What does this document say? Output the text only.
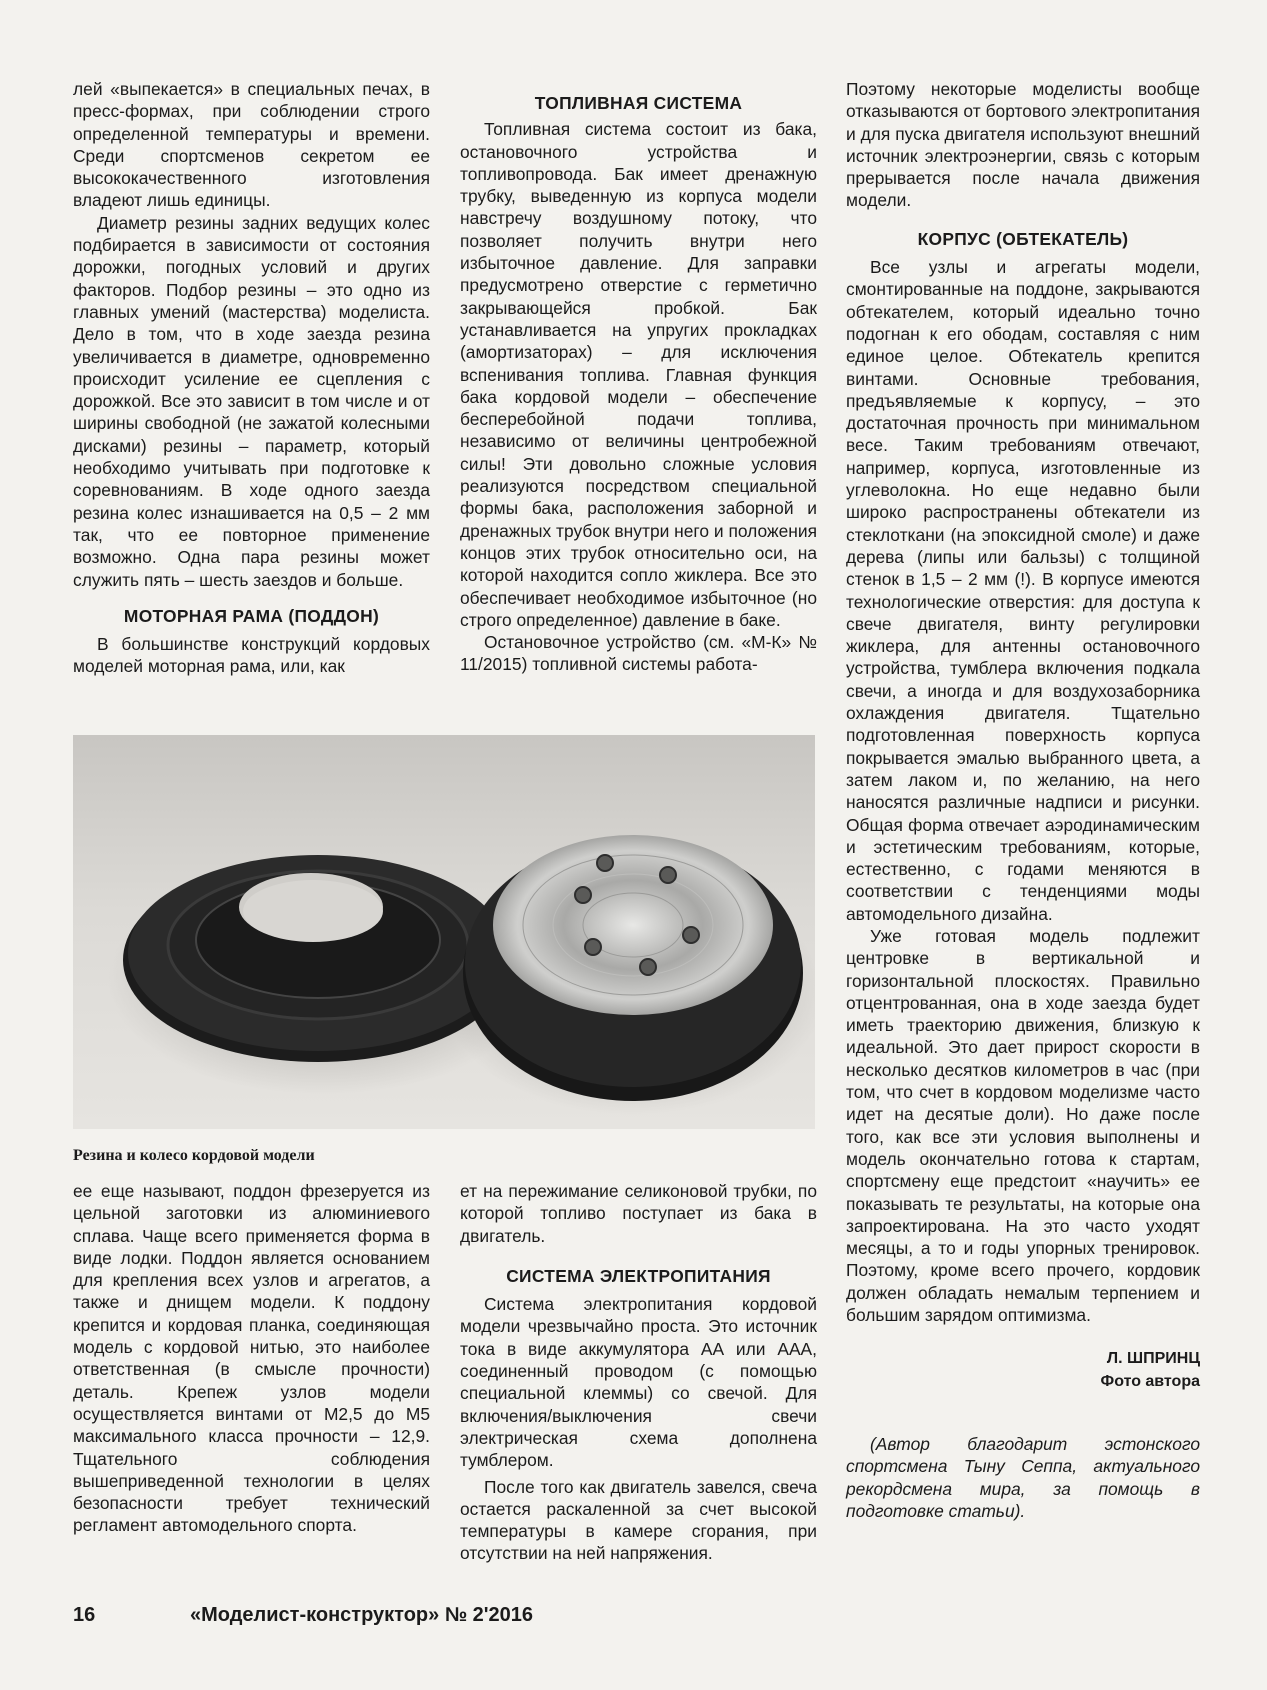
лей «выпекается» в специальных печах, в пресс-формах, при соблюдении строго определенной температуры и времени. Среди спортсменов секретом ее высококачественного изготовления владеют лишь единицы.

Диаметр резины задних ведущих колес подбирается в зависимости от состояния дорожки, погодных условий и других факторов. Подбор резины – это одно из главных умений (мастерства) моделиста. Дело в том, что в ходе заезда резина увеличивается в диаметре, одновременно происходит усиление ее сцепления с дорожкой. Все это зависит в том числе и от ширины свободной (не зажатой колесными дисками) резины – параметр, который необходимо учитывать при подготовке к соревнованиям. В ходе одного заезда резина колес изнашивается на 0,5 – 2 мм так, что ее повторное применение возможно. Одна пара резины может служить пять – шесть заездов и больше.

МОТОРНАЯ РАМА (ПОДДОН)

В большинстве конструкций кордовых моделей моторная рама, или, как

ТОПЛИВНАЯ СИСТЕМА

Топливная система состоит из бака, остановочного устройства и топливопровода. Бак имеет дренажную трубку, выведенную из корпуса модели навстречу воздушному потоку, что позволяет получить внутри него избыточное давление. Для заправки предусмотрено отверстие с герметично закрывающейся пробкой. Бак устанавливается на упругих прокладках (амортизаторах) – для исключения вспенивания топлива. Главная функция бака кордовой модели – обеспечение бесперебойной подачи топлива, независимо от величины центробежной силы! Эти довольно сложные условия реализуются посредством специальной формы бака, расположения заборной и дренажных трубок внутри него и положения концов этих трубок относительно оси, на которой находится сопло жиклера. Все это обеспечивает необходимое избыточное (но строго определенное) давление в баке.

Остановочное устройство (см. «М-К» № 11/2015) топливной системы работа-

Поэтому некоторые моделисты вообще отказываются от бортового электропитания и для пуска двигателя используют внешний источник электроэнергии, связь с которым прерывается после начала движения модели.

КОРПУС (ОБТЕКАТЕЛЬ)

Все узлы и агрегаты модели, смонтированные на поддоне, закрываются обтекателем, который идеально точно подогнан к его ободам, составляя с ним единое целое. Обтекатель крепится винтами. Основные требования, предъявляемые к корпусу, – это достаточная прочность при минимальном весе. Таким требованиям отвечают, например, корпуса, изготовленные из углеволокна. Но еще недавно были широко распространены обтекатели из стеклоткани (на эпоксидной смоле) и даже дерева (липы или бальзы) с толщиной стенок в 1,5 – 2 мм (!). В корпусе имеются технологические отверстия: для доступа к свече двигателя, винту регулировки жиклера, для антенны остановочного устройства, тумблера включения подкала свечи, а иногда и для воздухозаборника охлаждения двигателя. Тщательно подготовленная поверхность корпуса покрывается эмалью выбранного цвета, а затем лаком и, по желанию, на него наносятся различные надписи и рисунки. Общая форма отвечает аэродинамическим и эстетическим требованиям, которые, естественно, с годами меняются в соответствии с тенденциями моды автомодельного дизайна.

Уже готовая модель подлежит центровке в вертикальной и горизонтальной плоскостях. Правильно отцентрованная, она в ходе заезда будет иметь траекторию движения, близкую к идеальной. Это дает прирост скорости в несколько десятков километров в час (при том, что счет в кордовом моделизме часто идет на десятые доли). Но даже после того, как все эти условия выполнены и модель окончательно готова к стартам, спортсмену еще предстоит «научить» ее показывать те результаты, на которые она запроектирована. На это часто уходят месяцы, а то и годы упорных тренировок. Поэтому, кроме всего прочего, кордовик должен обладать немалым терпением и большим зарядом оптимизма.

Л. ШПРИНЦ
Фото автора

(Автор благодарит эстонского спортсмена Тыну Сеппа, актуального рекордсмена мира, за помощь в подготовке статьи).

Резина и колесо кордовой модели

ее еще называют, поддон фрезеруется из цельной заготовки из алюминиевого сплава. Чаще всего применяется форма в виде лодки. Поддон является основанием для крепления всех узлов и агрегатов, а также и днищем модели. К поддону крепится и кордовая планка, соединяющая модель с кордовой нитью, это наиболее ответственная (в смысле прочности) деталь. Крепеж узлов модели осуществляется винтами от М2,5 до М5 максимального класса прочности – 12,9. Тщательного соблюдения вышеприведенной технологии в целях безопасности требует технический регламент автомодельного спорта.

ет на пережимание селиконовой трубки, по которой топливо поступает из бака в двигатель.

СИСТЕМА ЭЛЕКТРОПИТАНИЯ

Система электропитания кордовой модели чрезвычайно проста. Это источник тока в виде аккумулятора АА или ААА, соединенный проводом (с помощью специальной клеммы) со свечой. Для включения/выключения свечи электрическая схема дополнена тумблером.

После того как двигатель завелся, свеча остается раскаленной за счет высокой температуры в камере сгорания, при отсутствии на ней напряжения.

16	«Моделист-конструктор» № 2'2016
